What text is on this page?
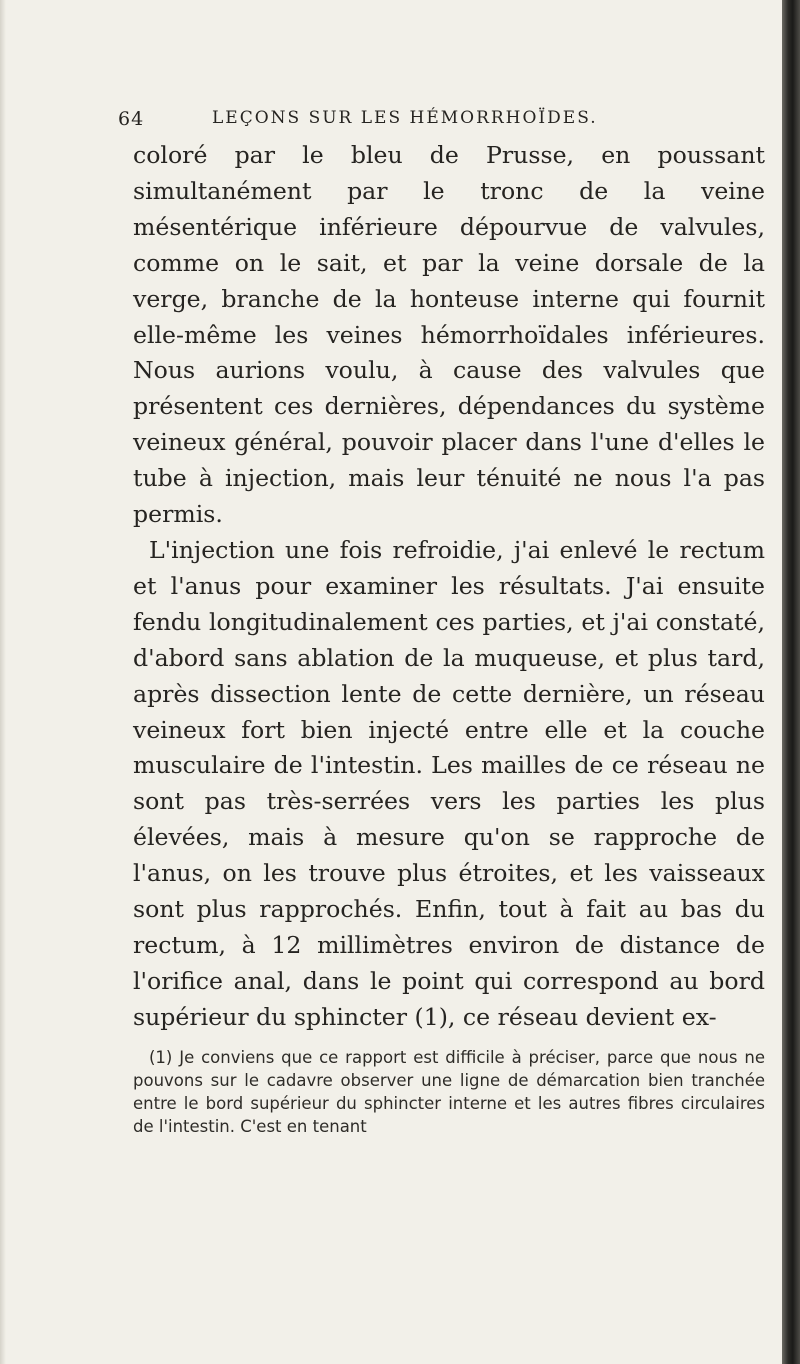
64	LEÇONS SUR LES HÉMORRHOÏDES.

coloré par le bleu de Prusse, en poussant simultanément par le tronc de la veine mésentérique inférieure dépourvue de valvules, comme on le sait, et par la veine dorsale de la verge, branche de la honteuse interne qui fournit elle-même les veines hémorrhoïdales inférieures. Nous aurions voulu, à cause des valvules que présentent ces dernières, dépendances du système veineux général, pouvoir placer dans l'une d'elles le tube à injection, mais leur ténuité ne nous l'a pas permis.

L'injection une fois refroidie, j'ai enlevé le rectum et l'anus pour examiner les résultats. J'ai ensuite fendu longitudinalement ces parties, et j'ai constaté, d'abord sans ablation de la muqueuse, et plus tard, après dissection lente de cette dernière, un réseau veineux fort bien injecté entre elle et la couche musculaire de l'intestin. Les mailles de ce réseau ne sont pas très-serrées vers les parties les plus élevées, mais à mesure qu'on se rapproche de l'anus, on les trouve plus étroites, et les vaisseaux sont plus rapprochés. Enfin, tout à fait au bas du rectum, à 12 millimètres environ de distance de l'orifice anal, dans le point qui correspond au bord supérieur du sphincter (1), ce réseau devient ex-

(1) Je conviens que ce rapport est difficile à préciser, parce que nous ne pouvons sur le cadavre observer une ligne de démarcation bien tranchée entre le bord supérieur du sphincter interne et les autres fibres circulaires de l'intestin. C'est en tenant
